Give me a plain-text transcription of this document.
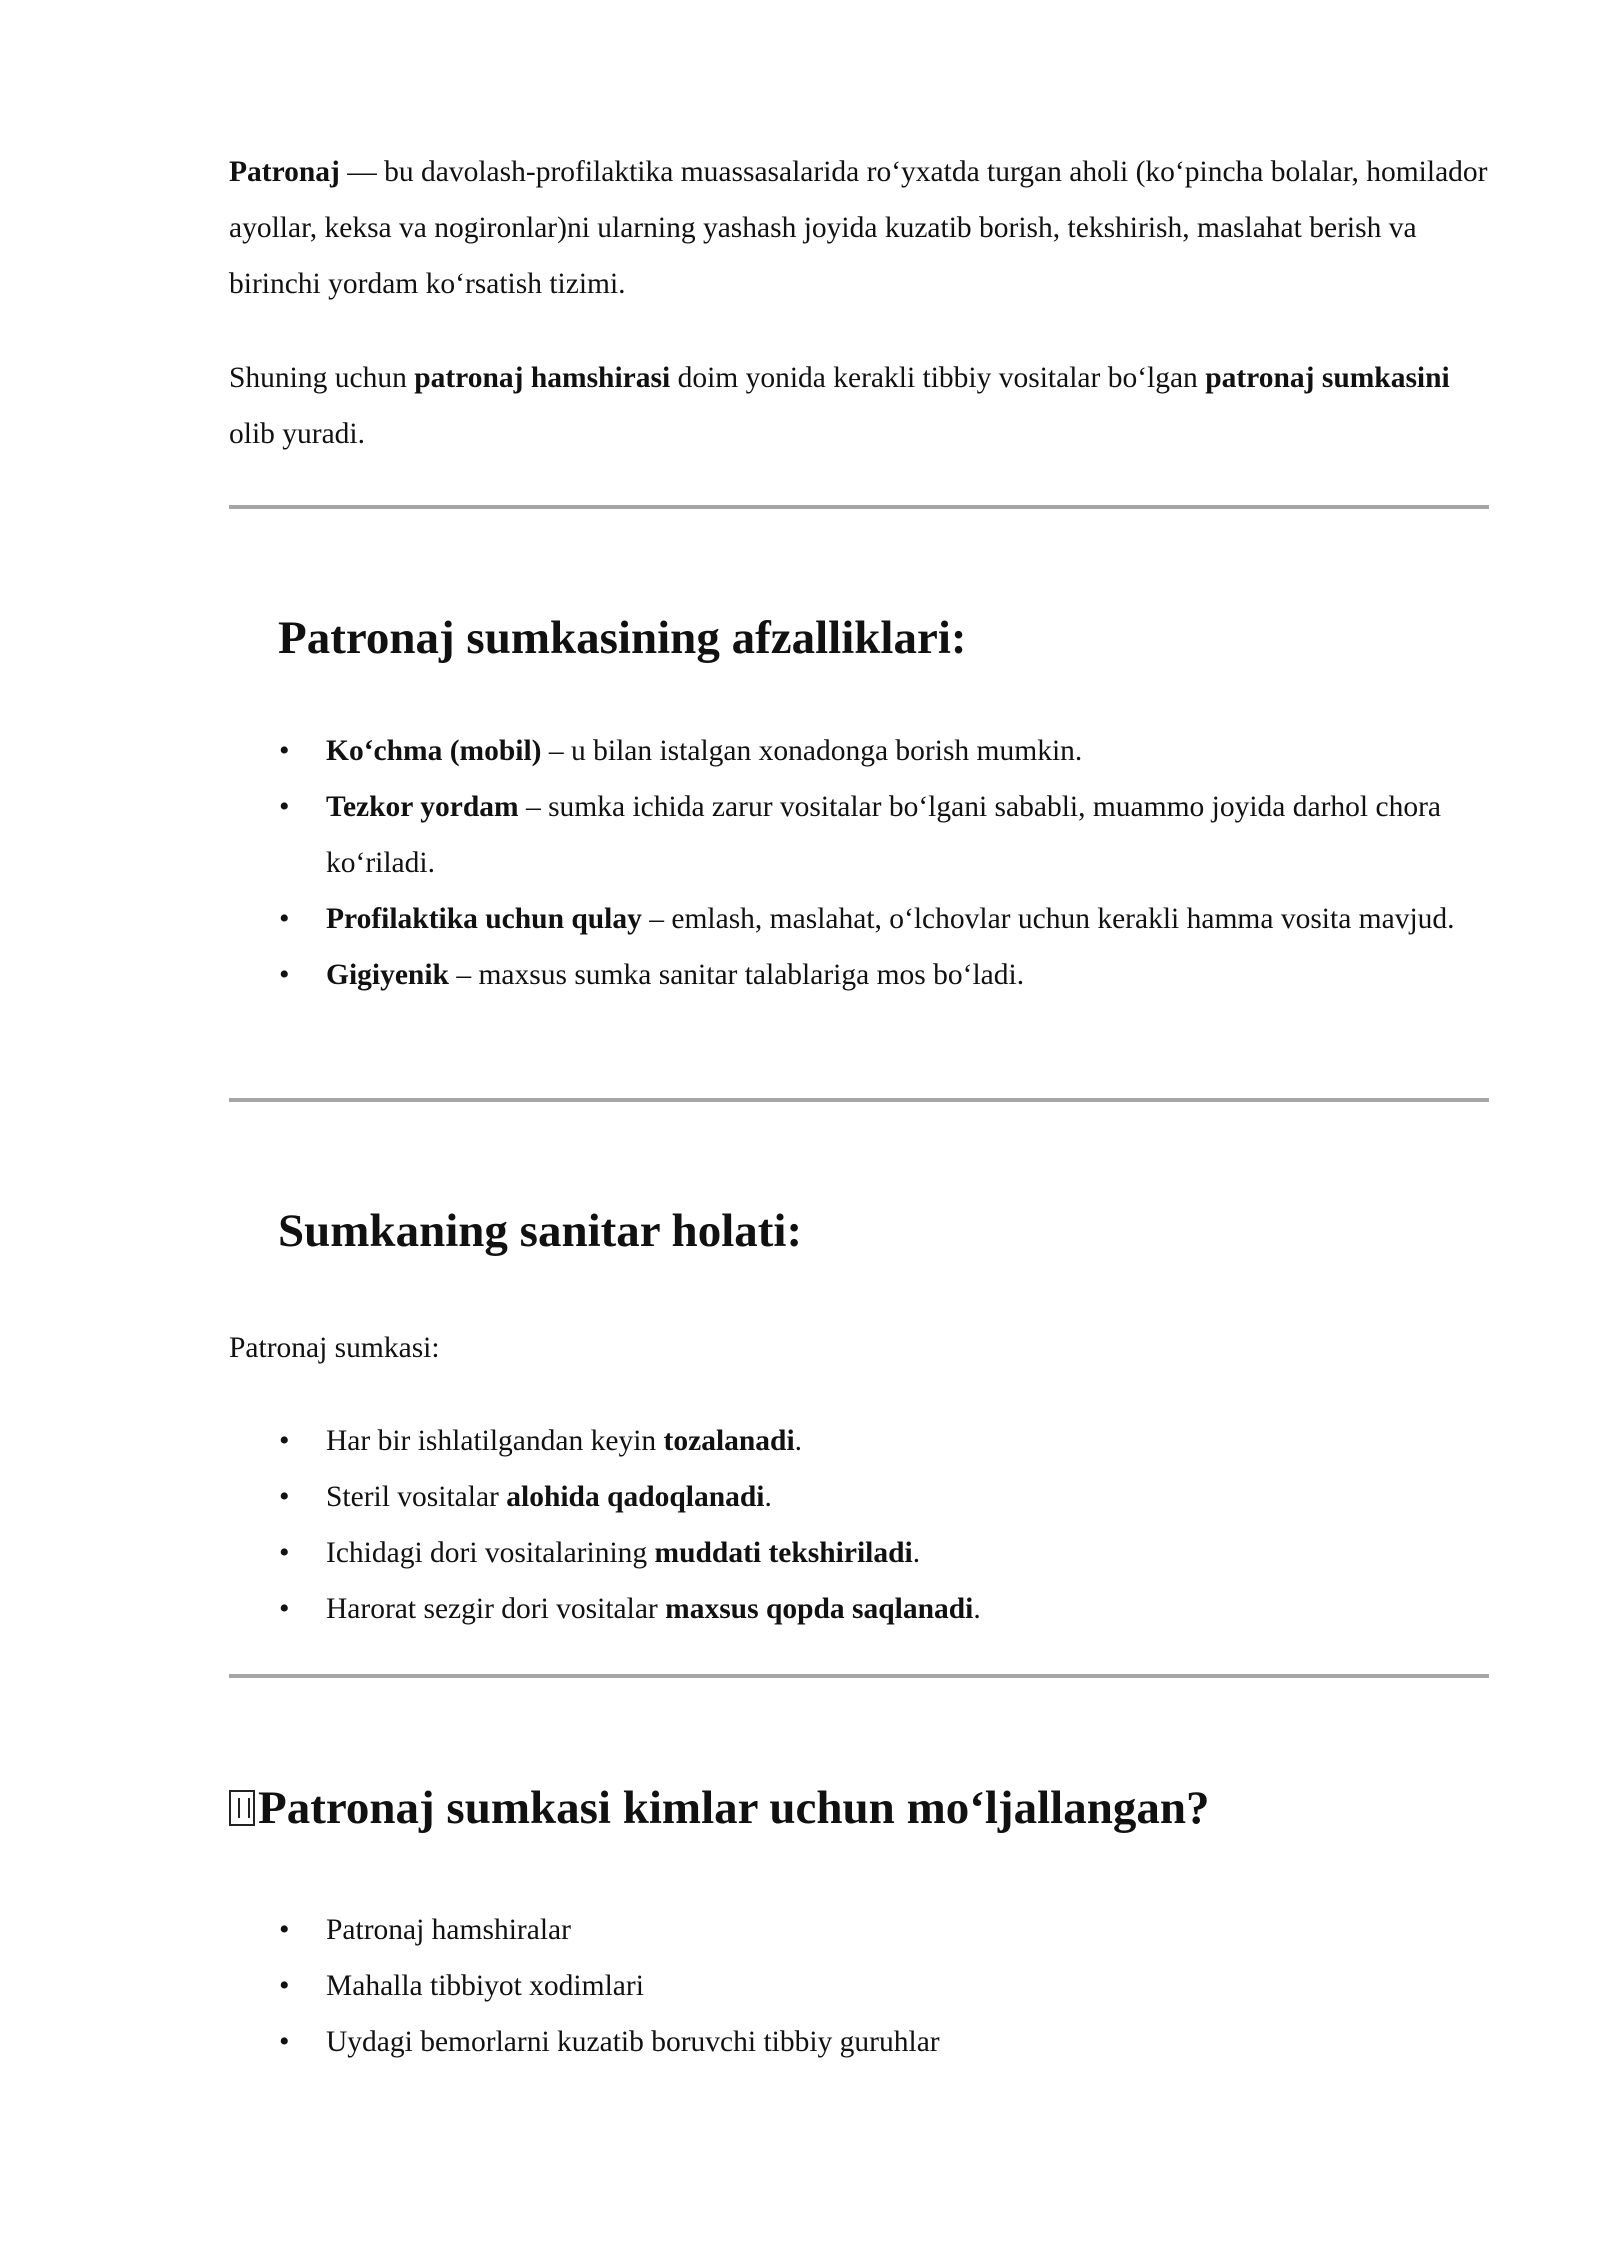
Patronaj — bu davolash-profilaktika muassasalarida ro‘yxatda turgan aholi (ko‘pincha bolalar, homilador ayollar, keksa va nogironlar)ni ularning yashash joyida kuzatib borish, tekshirish, maslahat berish va birinchi yordam ko‘rsatish tizimi.

Shuning uchun patronaj hamshirasi doim yonida kerakli tibbiy vositalar bo‘lgan patronaj sumkasini olib yuradi.

Patronaj sumkasining afzalliklari:
• Ko‘chma (mobil) – u bilan istalgan xonadonga borish mumkin.
• Tezkor yordam – sumka ichida zarur vositalar bo‘lgani sababli, muammo joyida darhol chora ko‘riladi.
• Profilaktika uchun qulay – emlash, maslahat, o‘lchovlar uchun kerakli hamma vosita mavjud.
• Gigiyenik – maxsus sumka sanitar talablariga mos bo‘ladi.
Sumkaning sanitar holati:

Patronaj sumkasi:

• Har bir ishlatilgandan keyin tozalanadi.
• Steril vositalar alohida qadoqlanadi.
• Ichidagi dori vositalarining muddati tekshiriladi.
• Harorat sezgir dori vositalar maxsus qopda saqlanadi.
Patronaj sumkasi kimlar uchun mo‘ljallangan?
• Patronaj hamshiralar
• Mahalla tibbiyot xodimlari
• Uydagi bemorlarni kuzatib boruvchi tibbiy guruhlar
